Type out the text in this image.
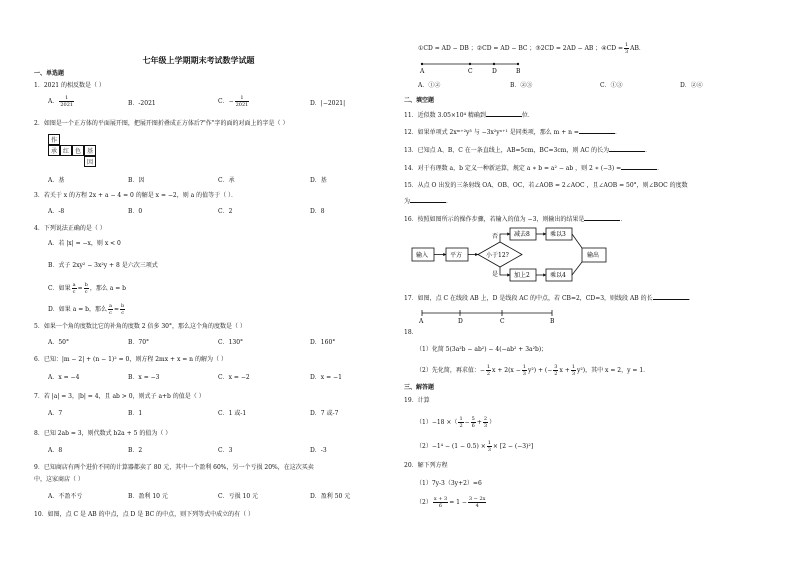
七年级上学期期末考试数学试题
一、单选题
1．2021 的相反数是（ ）
A． $\frac{1}{2021}$	B．-2021	C．− $\frac{1}{2021}$	D．|−2021|
2．如图是一个正方体的平面展开图，把展开图折叠成正方体后?"作"字的面的对面上的字是（ ）
作
承 红 色 基
因
A．基	B．因	C．承	D．基
3．若关于 x 的方程 2x + a − 4 = 0 的解是 x = −2，则 a 的值等于（ ）．
A．-8	B．0	C．2	D．8
4．下列说法正确的是（ ）
A．若 |x| = −x，则 x < 0
B．式子 2xy² − 3x²y + 8 是六次三项式
C．如果 $\frac{a}{c} = \frac{b}{c}$ ，那么 a = b
D．如果 a = b，那么 $\frac{a}{c} = \frac{b}{c}$
5．如果一个角的度数比它的补角的度数 2 倍多 30°，那么这个角的度数是（ ）
A．50°	B．70°	C．130°	D．160°
6．已知：|m − 2| + (n − 1)² = 0，则方程 2mx + x = n 的解为（ ）
A．x = −4	B．x = −3	C．x = −2	D．x = −1
7．若 |a| = 3，|b| = 4，且 ab > 0，则式子 a+b 的值是（ ）
A．7	B．1	C．1 或-1	D．7 或-7
8．已知 2ab = 3，则代数式 b2a + 5 的值为（ ）
A．8	B．2	C．3	D．-3
9．已知商店有两个进价不同的计算器都卖了 80 元，其中一个盈利 60%，另一个亏损 20%，在这次买卖
中，这家商店（ ）
A．不盈不亏	B．盈利 10 元	C．亏损 10 元	D．盈利 50 元
10．如图，点 C 是 AB 的中点，点 D 是 BC 的中点，则下列等式中成立的有（ ）
①CD = AD − DB ；②CD = AD − BC ；③2CD = 2AD − AB ；④CD = $\frac{1}{3}$ AB．
A	C	D	B
A．①②	B．②③	C．①③	D．②④
二、填空题
11．近似数 3.05×10⁴ 精确到	位．
12．如果单项式 2xᵐ⁺²y³ 与 −3x²yⁿ⁺¹ 是同类项，那么 m + n =	．
13．已知点 A、B、C 在一条直线上，AB=5cm，BC=3cm，则 AC 的长为	．
14．对于有理数 a，b 定义一种新运算，规定 a ∗ b = a² − ab ，则 2 ∗ (−3) =	．
15．从点 O 出发的三条射线 OA、OB、OC，若∠AOB = 2∠AOC ，且∠AOB = 50°，则∠BOC 的度数
为	．
16．按照如图所示的操作步骤，若输入的值为 −3，则输出的结果是	．
输入	平方	小于12?
否
是
减去8	乘以3
加上2	乘以4
输出
17．如图，点 C 在线段 AB 上，D 是线段 AC 的中点，若 CB=2，CD=3，则线段 AB 的长	．
A	D	C	B
18．
（1）化简 5(3a²b − ab²) − 4(−ab² + 3a²b)；
（2）先化简，再求值：− $\frac{1}{2}$ $x + 2(x - \frac{1}{3} y^2)$ + (− $\frac{3}{2}$ $x + \frac{1}{3} y^2$)，其中 x = 2，y = 1．
三、解答题
19．计算
（1）−18 ×（ $\frac{1}{2} - \frac{5}{6} + \frac{2}{3}$ ）
$(2)-1^4 - (1 - 0.5) \times \frac{1}{3} \times [2 - (-3)^2]$
20．解下列方程
（1）7y-3（3y+2）=6
$(2) \frac{x + 3}{6} = 1 - \frac{3 - 2x}{4}$
